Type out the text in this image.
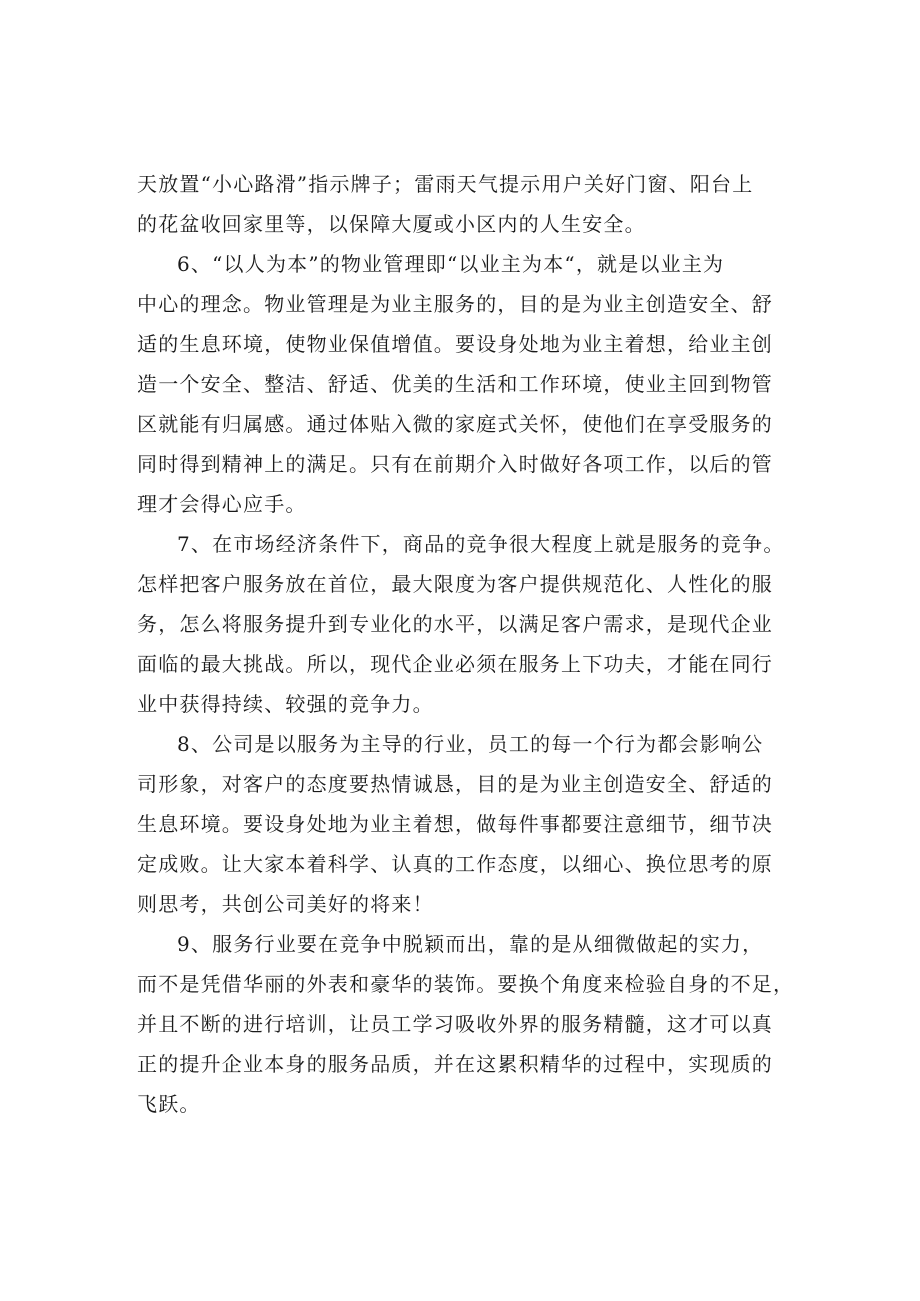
天放置“小心路滑”指示牌子；雷雨天气提示用户关好门窗、阳台上
的花盆收回家里等，以保障大厦或小区内的人生安全。
6、“以人为本”的物业管理即“以业主为本“，就是以业主为
中心的理念。物业管理是为业主服务的，目的是为业主创造安全、舒
适的生息环境，使物业保值增值。要设身处地为业主着想，给业主创
造一个安全、整洁、舒适、优美的生活和工作环境，使业主回到物管
区就能有归属感。通过体贴入微的家庭式关怀，使他们在享受服务的
同时得到精神上的满足。只有在前期介入时做好各项工作，以后的管
理才会得心应手。
7、在市场经济条件下，商品的竞争很大程度上就是服务的竞争。
怎样把客户服务放在首位，最大限度为客户提供规范化、人性化的服
务，怎么将服务提升到专业化的水平，以满足客户需求，是现代企业
面临的最大挑战。所以，现代企业必须在服务上下功夫，才能在同行
业中获得持续、较强的竞争力。
8、公司是以服务为主导的行业，员工的每一个行为都会影响公
司形象，对客户的态度要热情诚恳，目的是为业主创造安全、舒适的
生息环境。要设身处地为业主着想，做每件事都要注意细节，细节决
定成败。让大家本着科学、认真的工作态度，以细心、换位思考的原
则思考，共创公司美好的将来！
9、服务行业要在竞争中脱颖而出，靠的是从细微做起的实力，
而不是凭借华丽的外表和豪华的装饰。要换个角度来检验自身的不足，
并且不断的进行培训，让员工学习吸收外界的服务精髓，这才可以真
正的提升企业本身的服务品质，并在这累积精华的过程中，实现质的
飞跃。
